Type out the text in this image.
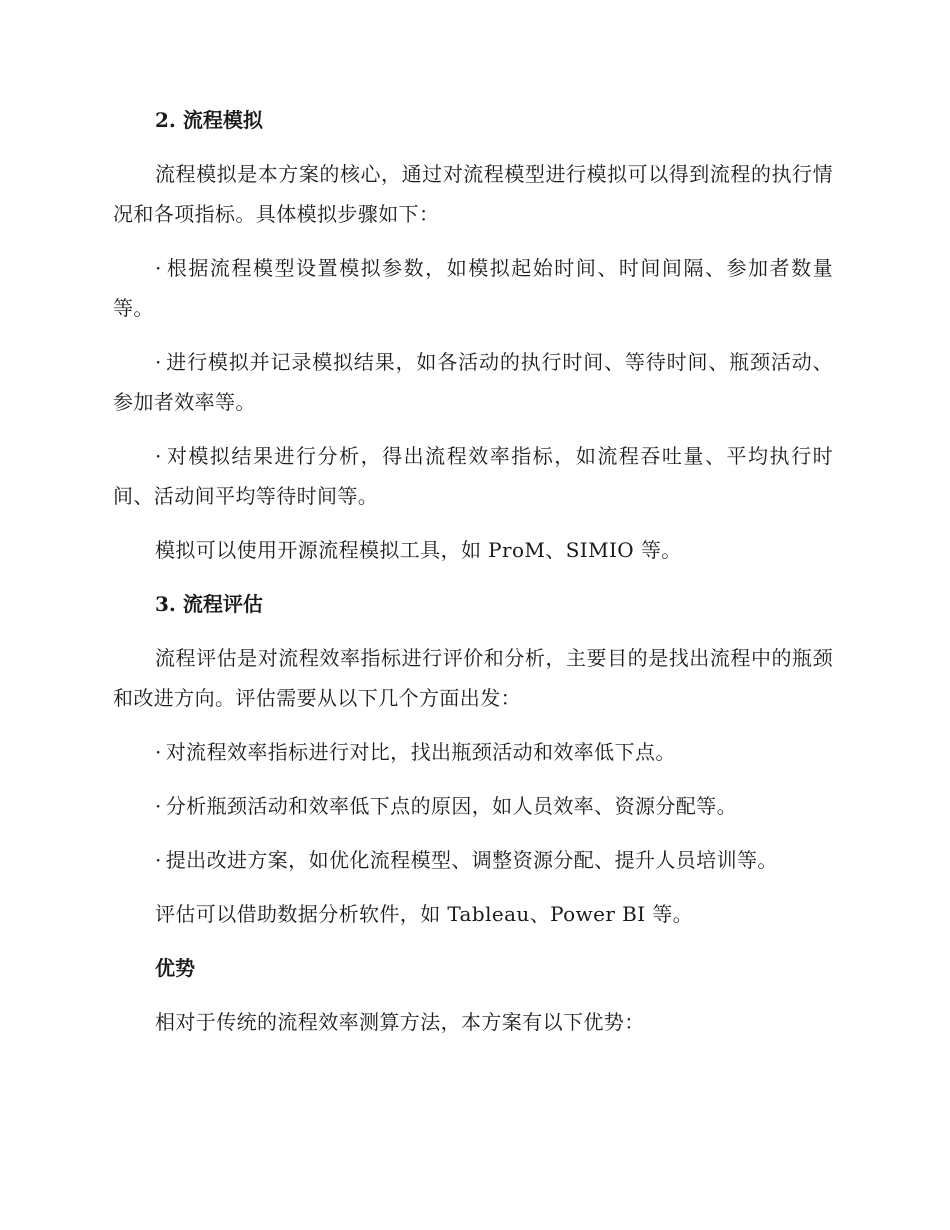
2. 流程模拟

流程模拟是本方案的核心，通过对流程模型进行模拟可以得到流程的执行情况和各项指标。具体模拟步骤如下：

· 根据流程模型设置模拟参数，如模拟起始时间、时间间隔、参加者数量等。

· 进行模拟并记录模拟结果，如各活动的执行时间、等待时间、瓶颈活动、参加者效率等。

· 对模拟结果进行分析，得出流程效率指标，如流程吞吐量、平均执行时间、活动间平均等待时间等。

模拟可以使用开源流程模拟工具，如 ProM、SIMIO 等。

3. 流程评估

流程评估是对流程效率指标进行评价和分析，主要目的是找出流程中的瓶颈和改进方向。评估需要从以下几个方面出发：

· 对流程效率指标进行对比，找出瓶颈活动和效率低下点。

· 分析瓶颈活动和效率低下点的原因，如人员效率、资源分配等。

· 提出改进方案，如优化流程模型、调整资源分配、提升人员培训等。

评估可以借助数据分析软件，如 Tableau、Power BI 等。

优势

相对于传统的流程效率测算方法，本方案有以下优势：
